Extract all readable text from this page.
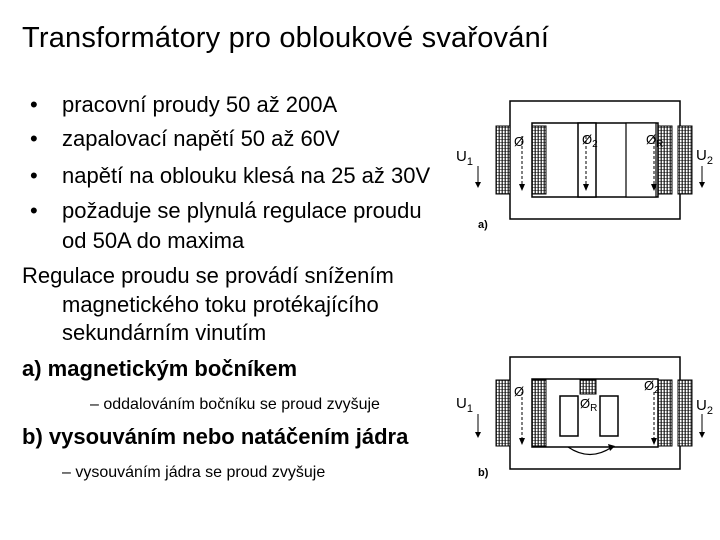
Transformátory pro obloukové svařování
• pracovní proudy 50 až 200A
• zapalovací napětí 50 až 60V
• napětí na oblouku klesá na 25 až 30V
• požaduje se plynulá regulace proudu
od 50A do maxima
Regulace proudu se provádí snížením
magnetického toku protékajícího
sekundárním vinutím
a) magnetickým bočníkem
– oddalováním bočníku se proud zvyšuje
b) vysouváním nebo natáčením jádra
– vysouváním jádra se proud zvyšuje
$U_1$	$U_2$
Ø	$Ø_2$	$Ø_R$
a)
$U_1$	$U_2$
Ø
$Ø_R$
$Ø_2$
b)
